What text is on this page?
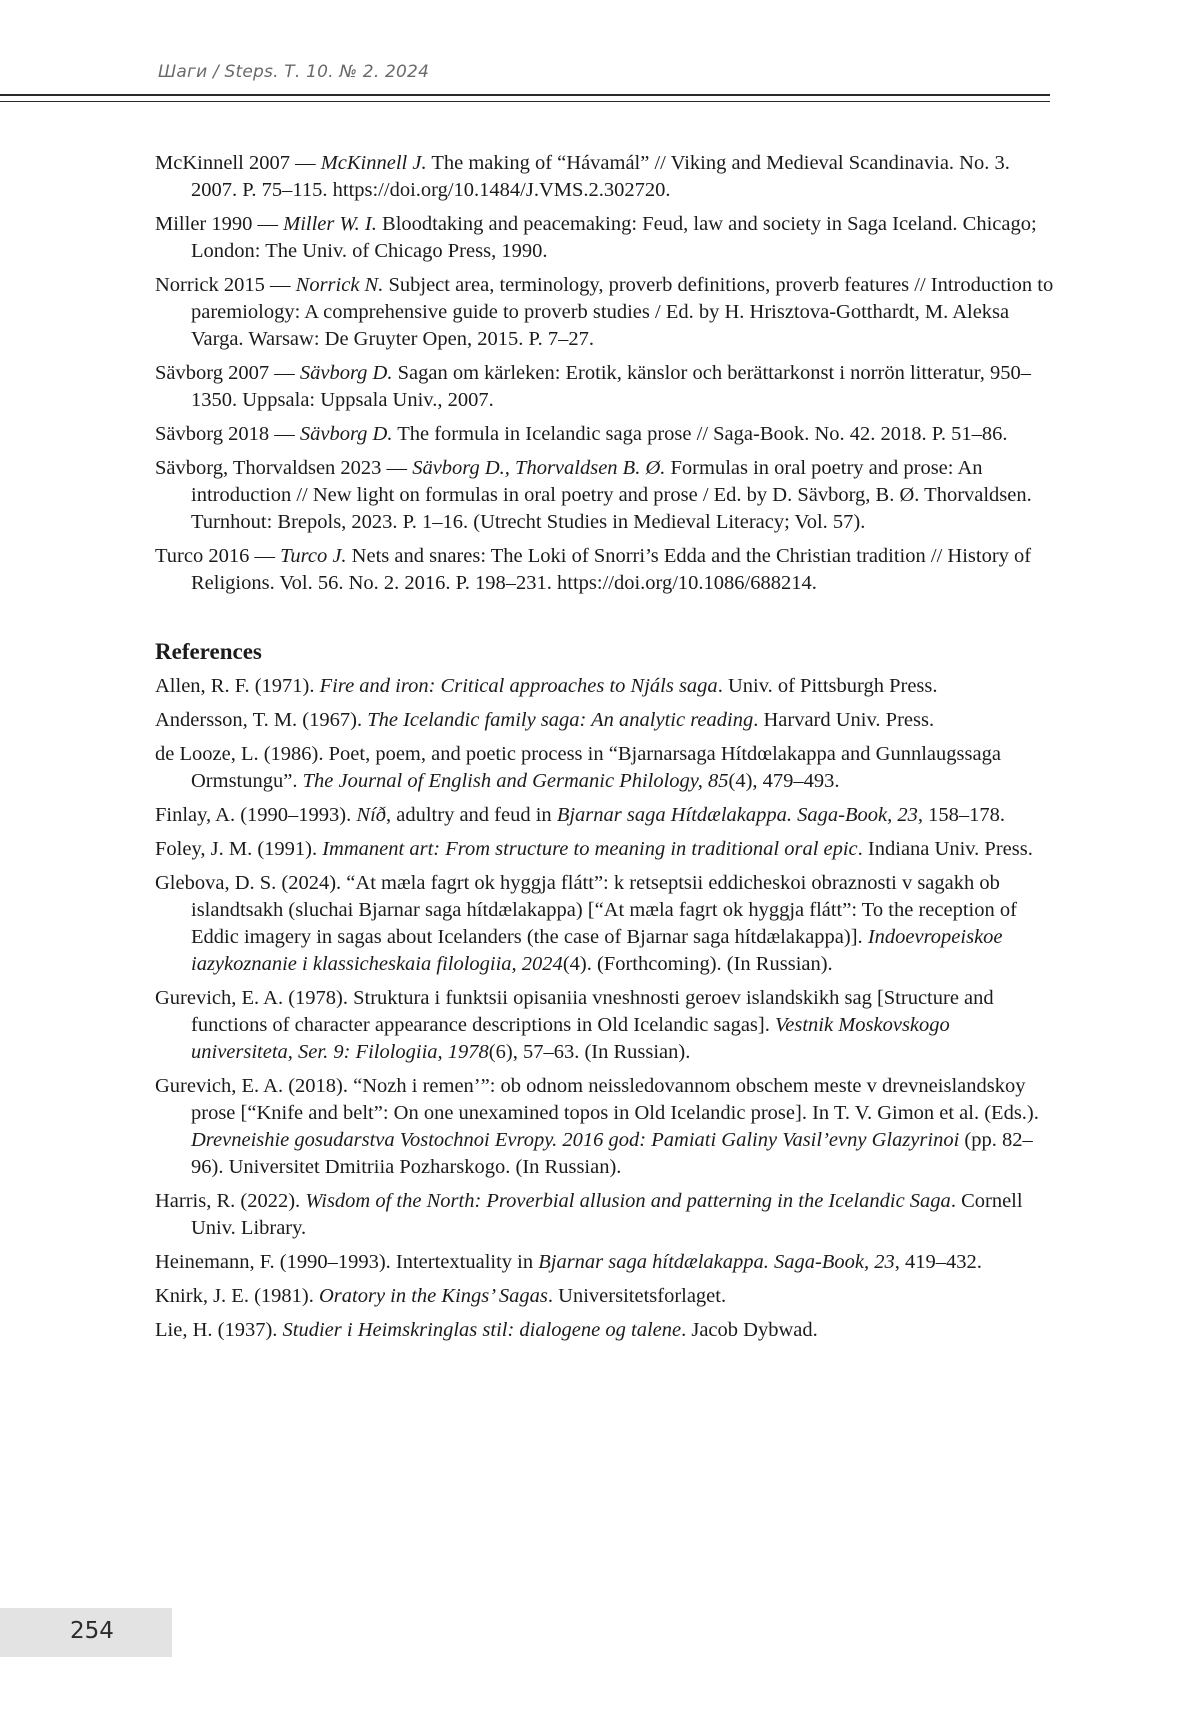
Шаги / Steps. Т. 10. № 2. 2024

McKinnell 2007 — McKinnell J. The making of “Hávamál” // Viking and Medieval Scandinavia. No. 3. 2007. P. 75–115. https://doi.org/10.1484/J.VMS.2.302720.

Miller 1990 — Miller W. I. Bloodtaking and peacemaking: Feud, law and society in Saga Iceland. Chicago; London: The Univ. of Chicago Press, 1990.

Norrick 2015 — Norrick N. Subject area, terminology, proverb definitions, proverb features // Introduction to paremiology: A comprehensive guide to proverb studies / Ed. by H. Hrisztova-Gotthardt, M. Aleksa Varga. Warsaw: De Gruyter Open, 2015. P. 7–27.

Sävborg 2007 — Sävborg D. Sagan om kärleken: Erotik, känslor och berättarkonst i norrön litteratur, 950–1350. Uppsala: Uppsala Univ., 2007.

Sävborg 2018 — Sävborg D. The formula in Icelandic saga prose // Saga-Book. No. 42. 2018. P. 51–86.

Sävborg, Thorvaldsen 2023 — Sävborg D., Thorvaldsen B. Ø. Formulas in oral poetry and prose: An introduction // New light on formulas in oral poetry and prose / Ed. by D. Sävborg, B. Ø. Thorvaldsen. Turnhout: Brepols, 2023. P. 1–16. (Utrecht Studies in Medieval Literacy; Vol. 57).

Turco 2016 — Turco J. Nets and snares: The Loki of Snorri’s Edda and the Christian tradition // History of Religions. Vol. 56. No. 2. 2016. P. 198–231. https://doi.org/10.1086/688214.

References

Allen, R. F. (1971). Fire and iron: Critical approaches to Njáls saga. Univ. of Pittsburgh Press.

Andersson, T. M. (1967). The Icelandic family saga: An analytic reading. Harvard Univ. Press.

de Looze, L. (1986). Poet, poem, and poetic process in “Bjarnarsaga Hítdœlakappa and Gunnlaugssaga Ormstungu”. The Journal of English and Germanic Philology, 85(4), 479–493.

Finlay, A. (1990–1993). Níð, adultry and feud in Bjarnar saga Hítdælakappa. Saga-Book, 23, 158–178.

Foley, J. M. (1991). Immanent art: From structure to meaning in traditional oral epic. Indiana Univ. Press.

Glebova, D. S. (2024). “At mæla fagrt ok hyggja flátt”: k retseptsii eddicheskoi obraznosti v sagakh ob islandtsakh (sluchai Bjarnar saga hítdælakappa) [“At mæla fagrt ok hyggja flátt”: To the reception of Eddic imagery in sagas about Icelanders (the case of Bjarnar saga hítdælakappa)]. Indoevropeiskoe iazykoznanie i klassicheskaia filologiia, 2024(4). (Forthcoming). (In Russian).

Gurevich, E. A. (1978). Struktura i funktsii opisaniia vneshnosti geroev islandskikh sag [Structure and functions of character appearance descriptions in Old Icelandic sagas]. Vestnik Moskovskogo universiteta, Ser. 9: Filologiia, 1978(6), 57–63. (In Russian).

Gurevich, E. A. (2018). “Nozh i remen’”: ob odnom neissledovannom obschem meste v drevneislandskoy prose [“Knife and belt”: On one unexamined topos in Old Icelandic prose]. In T. V. Gimon et al. (Eds.). Drevneishie gosudarstva Vostochnoi Evropy. 2016 god: Pamiati Galiny Vasil’evny Glazyrinoi (pp. 82–96). Universitet Dmitriia Pozharskogo. (In Russian).

Harris, R. (2022). Wisdom of the North: Proverbial allusion and patterning in the Icelandic Saga. Cornell Univ. Library.

Heinemann, F. (1990–1993). Intertextuality in Bjarnar saga hítdælakappa. Saga-Book, 23, 419–432.

Knirk, J. E. (1981). Oratory in the Kings’ Sagas. Universitetsforlaget.

Lie, H. (1937). Studier i Heimskringlas stil: dialogene og talene. Jacob Dybwad.

254
